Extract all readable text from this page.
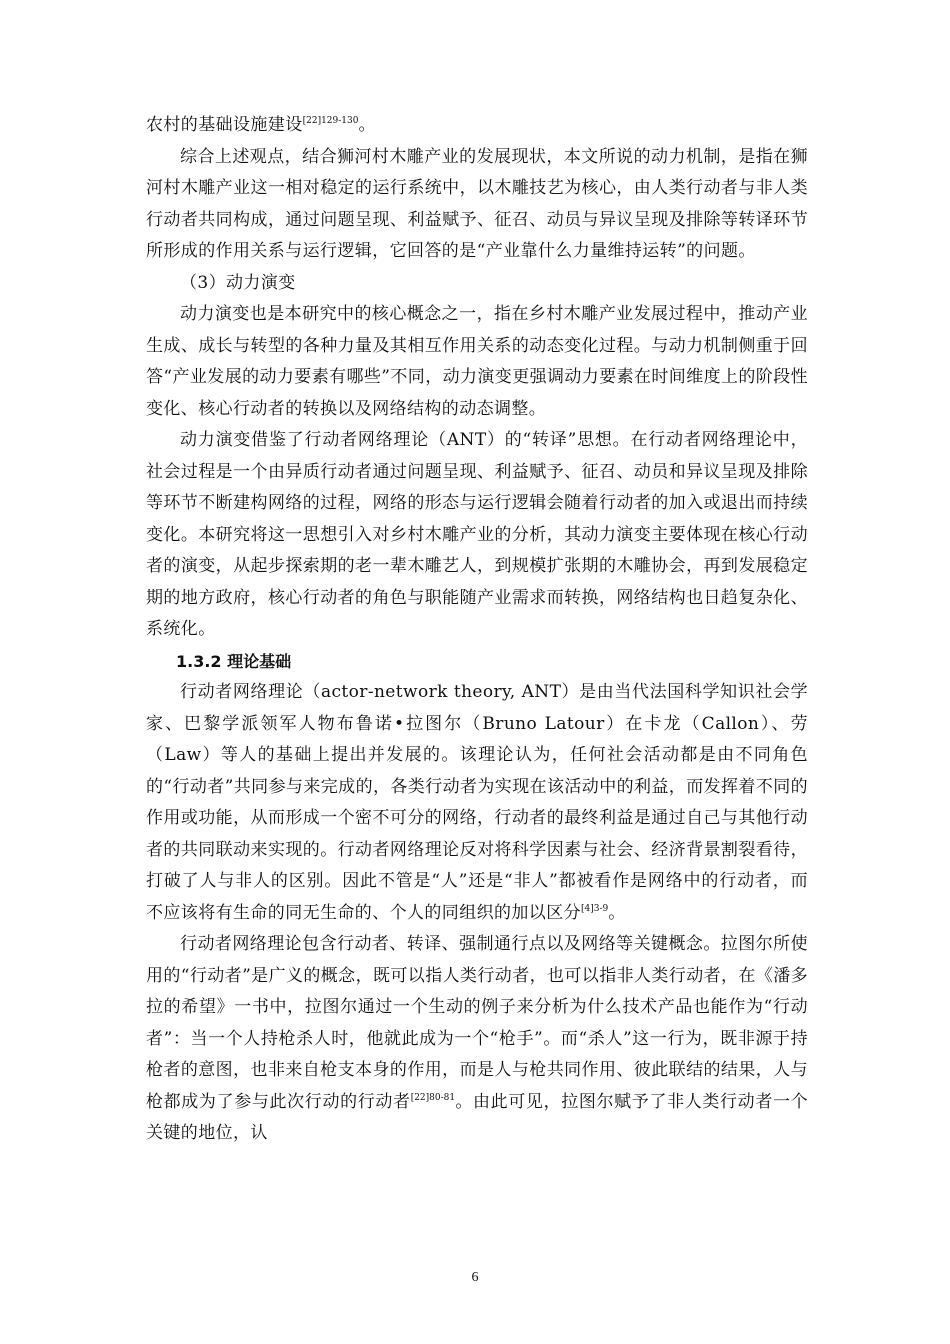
农村的基础设施建设$^{[22]129-130}$。

综合上述观点，结合狮河村木雕产业的发展现状，本文所说的动力机制，是指在狮河村木雕产业这一相对稳定的运行系统中，以木雕技艺为核心，由人类行动者与非人类行动者共同构成，通过问题呈现、利益赋予、征召、动员与异议呈现及排除等转译环节所形成的作用关系与运行逻辑，它回答的是“产业靠什么力量维持运转”的问题。

（3）动力演变

动力演变也是本研究中的核心概念之一，指在乡村木雕产业发展过程中，推动产业生成、成长与转型的各种力量及其相互作用关系的动态变化过程。与动力机制侧重于回答“产业发展的动力要素有哪些”不同，动力演变更强调动力要素在时间维度上的阶段性变化、核心行动者的转换以及网络结构的动态调整。

动力演变借鉴了行动者网络理论（ANT）的“转译”思想。在行动者网络理论中，社会过程是一个由异质行动者通过问题呈现、利益赋予、征召、动员和异议呈现及排除等环节不断建构网络的过程，网络的形态与运行逻辑会随着行动者的加入或退出而持续变化。本研究将这一思想引入对乡村木雕产业的分析，其动力演变主要体现在核心行动者的演变，从起步探索期的老一辈木雕艺人，到规模扩张期的木雕协会，再到发展稳定期的地方政府，核心行动者的角色与职能随产业需求而转换，网络结构也日趋复杂化、系统化。

1.3.2 理论基础

行动者网络理论（actor-network theory, ANT）是由当代法国科学知识社会学家、巴黎学派领军人物布鲁诺•拉图尔（Bruno Latour）在卡龙（Callon）、劳（Law）等人的基础上提出并发展的。该理论认为，任何社会活动都是由不同角色的“行动者”共同参与来完成的，各类行动者为实现在该活动中的利益，而发挥着不同的作用或功能，从而形成一个密不可分的网络，行动者的最终利益是通过自己与其他行动者的共同联动来实现的。行动者网络理论反对将科学因素与社会、经济背景割裂看待，打破了人与非人的区别。因此不管是“人”还是“非人”都被看作是网络中的行动者，而不应该将有生命的同无生命的、个人的同组织的加以区分$^{[4]3-9}$。

行动者网络理论包含行动者、转译、强制通行点以及网络等关键概念。拉图尔所使用的“行动者”是广义的概念，既可以指人类行动者，也可以指非人类行动者，在《潘多拉的希望》一书中，拉图尔通过一个生动的例子来分析为什么技术产品也能作为“行动者”：当一个人持枪杀人时，他就此成为一个“枪手”。而“杀人”这一行为，既非源于持枪者的意图，也非来自枪支本身的作用，而是人与枪共同作用、彼此联结的结果，人与枪都成为了参与此次行动的行动者$^{[22]80-81}$。由此可见，拉图尔赋予了非人类行动者一个关键的地位，认

6
